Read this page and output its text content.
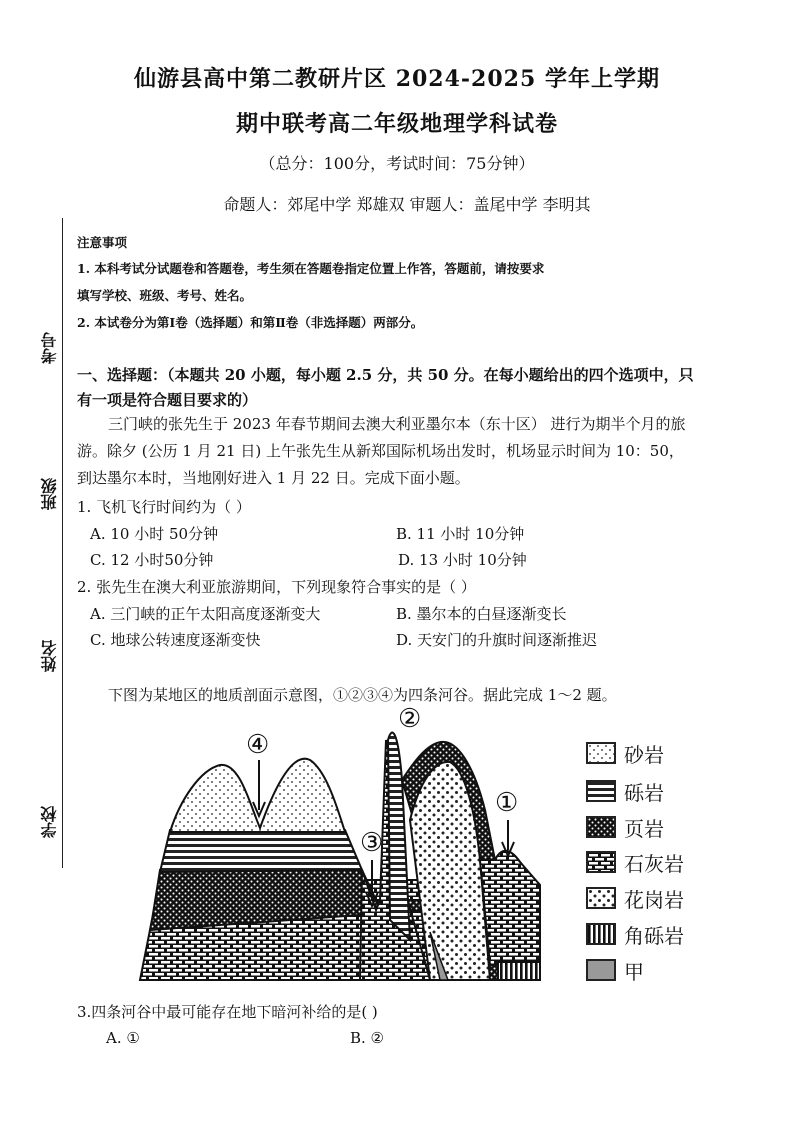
仙游县高中第二教研片区 2024-2025 学年上学期
期中联考高二年级地理学科试卷
（总分：100分，考试时间：75分钟）
命题人：郊尾中学 郑雄双 审题人：盖尾中学 李明其
考号
班级
姓名
学校
注意事项
1. 本科考试分试题卷和答题卷，考生须在答题卷指定位置上作答，答题前，请按要求
填写学校、班级、考号、姓名。
2. 本试卷分为第Ⅰ卷（选择题）和第Ⅱ卷（非选择题）两部分。
一、选择题：（本题共 20 小题，每小题 2.5 分，共 50 分。在每小题给出的四个选项中，只
有一项是符合题目要求的）
三门峡的张先生于 2023 年春节期间去澳大利亚墨尔本（东十区） 进行为期半个月的旅
游。除夕 (公历 1 月 21 日) 上午张先生从新郑国际机场出发时，机场显示时间为 10：50，
到达墨尔本时，当地刚好进入 1 月 22 日。完成下面小题。
1. 飞机飞行时间约为（ ）
A. 10 小时 50分钟	B. 11 小时 10分钟
C. 12 小时50分钟	D. 13 小时 10分钟
2. 张先生在澳大利亚旅游期间，下列现象符合事实的是（ ）
A. 三门峡的正午太阳高度逐渐变大	B. 墨尔本的白昼逐渐变长
C. 地球公转速度逐渐变快	D. 天安门的升旗时间逐渐推迟
下图为某地区的地质剖面示意图，①②③④为四条河谷。据此完成 1～2 题。
④
③
②
①
砂岩
砾岩
页岩
石灰岩
花岗岩
角砾岩
甲
3.四条河谷中最可能存在地下暗河补给的是( )
A. ①	B. ②
